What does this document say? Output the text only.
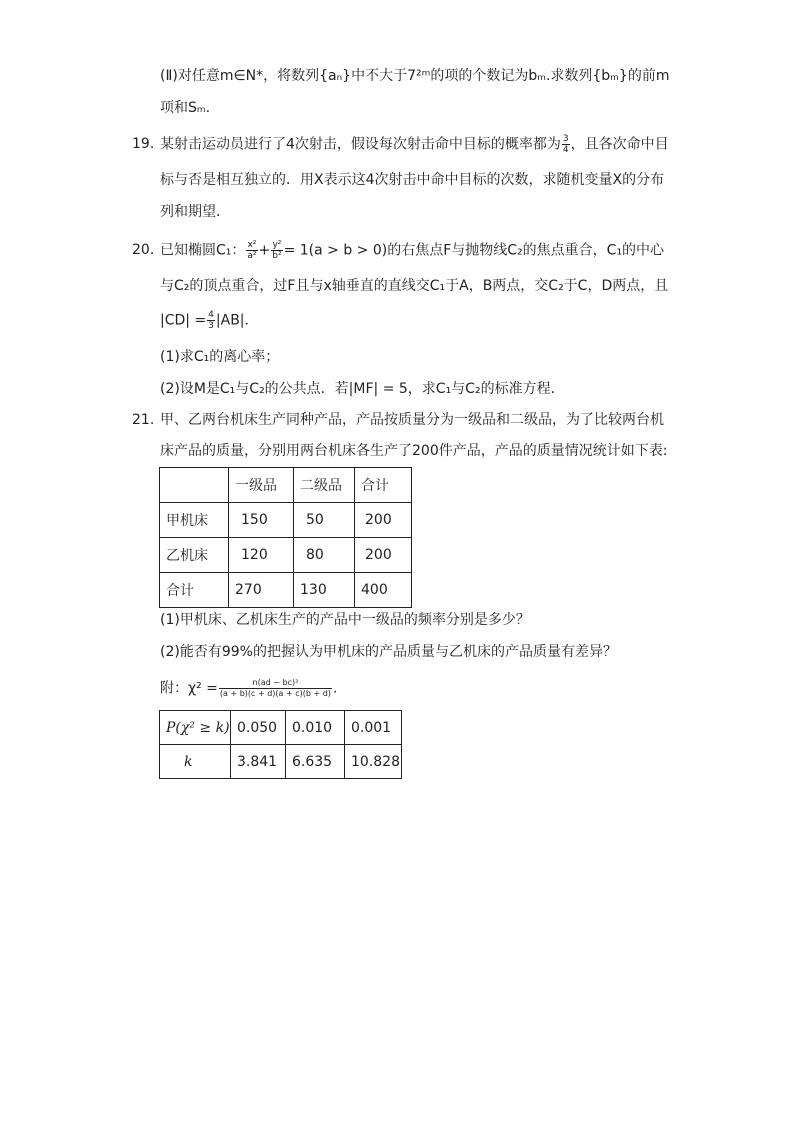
(Ⅱ)对任意m∈N*，将数列{aₙ}中不大于7²ᵐ的项的个数记为bₘ.求数列{bₘ}的前m
项和Sₘ.
19. 某射击运动员进行了4次射击，假设每次射击命中目标的概率都为 $\frac{3}{4}$ ，且各次命中目
标与否是相互独立的．用X表示这4次射击中命中目标的次数，求随机变量X的分布
列和期望．
20. 已知椭圆C₁： $\frac{\text{x²}}{\text{a²}} + \frac{\text{y²}}{\text{b²}} = 1(a > b > 0)$的右焦点F与抛物线C₂的焦点重合，C₁的中心
与C₂的顶点重合，过F且与x轴垂直的直线交C₁于A，B两点，交C₂于C，D两点，且
$|CD| = \frac{4}{3} |AB|$．
(1)求C₁的离心率；
(2)设M是C₁与C₂的公共点．若|MF| = 5，求C₁与C₂的标准方程．
21. 甲、乙两台机床生产同种产品，产品按质量分为一级品和二级品，为了比较两台机
床产品的质量，分别用两台机床各生产了200件产品，产品的质量情况统计如下表:
	一级品	二级品	合计
甲机床	150	50	200
乙机床	120	80	200
合计	270	130	400
(1)甲机床、乙机床生产的产品中一级品的频率分别是多少？
(2)能否有99%的把握认为甲机床的产品质量与乙机床的产品质量有差异？
附：$\chi^2 = \frac{\text{n(ad − bc)²}}{(a + b)(c + d)(a + c)(b + d)}$ .
P(χ² ≥ k)	0.050	0.010	0.001
k	3.841	6.635	10.828
